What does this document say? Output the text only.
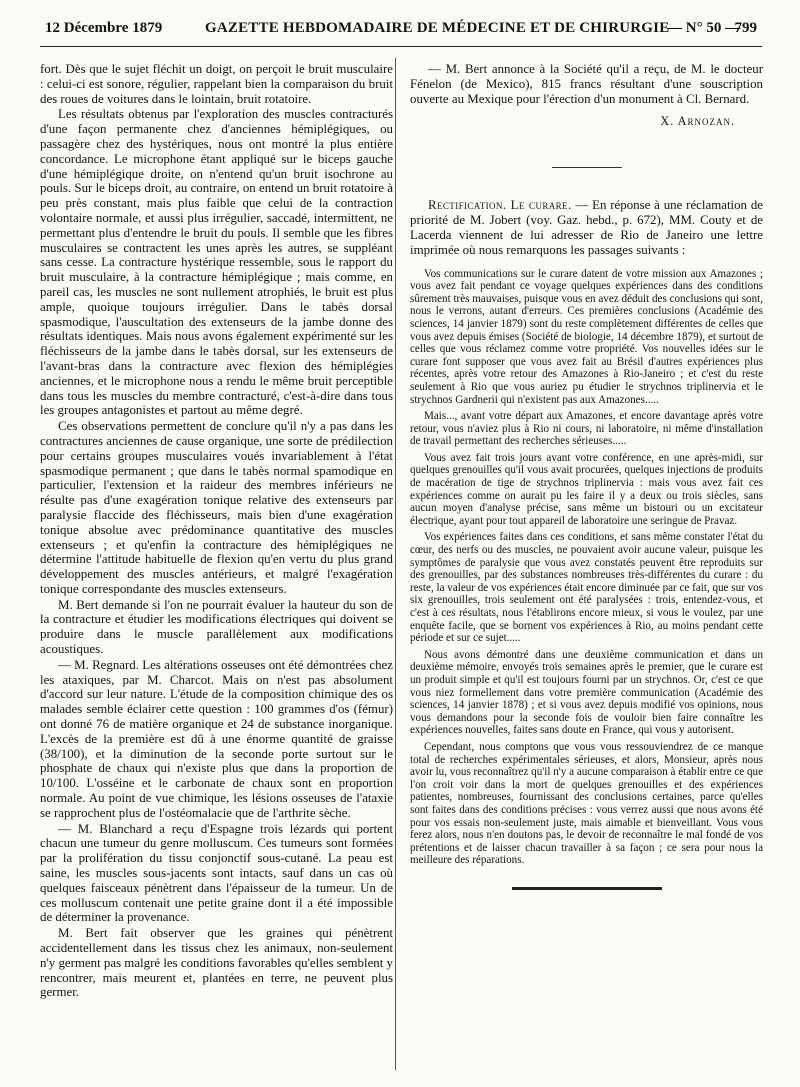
12 Décembre 1879	GAZETTE HEBDOMADAIRE DE MÉDECINE ET DE CHIRURGIE
— N° 50 —
799

fort. Dès que le sujet fléchit un doigt, on perçoit le bruit musculaire : celui-ci est sonore, régulier, rappelant bien la comparaison du bruit des roues de voitures dans le lointain, bruit rotatoire.

Les résultats obtenus par l'exploration des muscles contracturés d'une façon permanente chez d'anciennes hémiplégiques, ou passagère chez des hystériques, nous ont montré la plus entière concordance. Le microphone étant appliqué sur le biceps gauche d'une hémiplégique droite, on n'entend qu'un bruit isochrone au pouls. Sur le biceps droit, au contraire, on entend un bruit rotatoire à peu près constant, mais plus faible que celui de la contraction volontaire normale, et aussi plus irrégulier, saccadé, intermittent, ne permettant plus d'entendre le bruit du pouls. Il semble que les fibres musculaires se contractent les unes après les autres, se suppléant sans cesse. La contracture hystérique ressemble, sous le rapport du bruit musculaire, à la contracture hémiplégique ; mais comme, en pareil cas, les muscles ne sont nullement atrophiés, le bruit est plus ample, quoique toujours irrégulier. Dans le tabès dorsal spasmodique, l'auscultation des extenseurs de la jambe donne des résultats identiques. Mais nous avons également expérimenté sur les fléchisseurs de la jambe dans le tabès dorsal, sur les extenseurs de l'avant-bras dans la contracture avec flexion des hémiplégies anciennes, et le microphone nous a rendu le même bruit perceptible dans tous les muscles du membre contracturé, c'est-à-dire dans tous les groupes antagonistes et partout au même degré.

Ces observations permettent de conclure qu'il n'y a pas dans les contractures anciennes de cause organique, une sorte de prédilection pour certains groupes musculaires voués invariablement à l'état spasmodique permanent ; que dans le tabès normal spamodique en particulier, l'extension et la raideur des membres inférieurs ne résulte pas d'une exagération tonique relative des extenseurs par paralysie flaccide des fléchisseurs, mais bien d'une exagération tonique absolue avec prédominance quantitative des muscles extenseurs ; et qu'enfin la contracture des hémiplégiques ne détermine l'attitude habituelle de flexion qu'en vertu du plus grand développement des muscles antérieurs, et malgré l'exagération tonique correspondante des muscles extenseurs.

M. Bert demande si l'on ne pourrait évaluer la hauteur du son de la contracture et étudier les modifications électriques qui doivent se produire dans le muscle parallèlement aux modifications acoustiques.

— M. Regnard. Les altérations osseuses ont été démontrées chez les ataxiques, par M. Charcot. Mais on n'est pas absolument d'accord sur leur nature. L'étude de la composition chimique des os malades semble éclairer cette question : 100 grammes d'os (fémur) ont donné 76 de matière organique et 24 de substance inorganique. L'excès de la première est dû à une énorme quantité de graisse (38/100), et la diminution de la seconde porte surtout sur le phosphate de chaux qui n'existe plus que dans la proportion de 10/100. L'osséine et le carbonate de chaux sont en proportion normale. Au point de vue chimique, les lésions osseuses de l'ataxie se rapprochent plus de l'ostéomalacie que de l'arthrite sèche.

— M. Blanchard a reçu d'Espagne trois lézards qui portent chacun une tumeur du genre molluscum. Ces tumeurs sont formées par la prolifération du tissu conjonctif sous-cutané. La peau est saine, les muscles sous-jacents sont intacts, sauf dans un cas où quelques faisceaux pénètrent dans l'épaisseur de la tumeur. Un de ces molluscum contenait une petite graine dont il a été impossible de déterminer la provenance.

M. Bert fait observer que les graines qui pénètrent accidentellement dans les tissus chez les animaux, non-seulement n'y germent pas malgré les conditions favorables qu'elles semblent y rencontrer, mais meurent et, plantées en terre, ne peuvent plus germer.

— M. Bert annonce à la Société qu'il a reçu, de M. le docteur Fénelon (de Mexico), 815 francs résultant d'une souscription ouverte au Mexique pour l'érection d'un monument à Cl. Bernard.

X. Arnozan.

Rectification. Le curare. — En réponse à une réclamation de priorité de M. Jobert (voy. Gaz. hebd., p. 672), MM. Couty et de Lacerda viennent de lui adresser de Rio de Janeiro une lettre imprimée où nous remarquons les passages suivants :

Vos communications sur le curare datent de votre mission aux Amazones ; vous avez fait pendant ce voyage quelques expériences dans des conditions sûrement très mauvaises, puisque vous en avez déduit des conclusions qui sont, nous le verrons, autant d'erreurs. Ces premières conclusions (Académie des sciences, 14 janvier 1879) sont du reste complètement différentes de celles que vous avez depuis émises (Société de biologie, 14 décembre 1879), et surtout de celles que vous réclamez comme votre propriété. Vos nouvelles idées sur le curare font supposer que vous avez fait au Brésil d'autres expériences plus récentes, après votre retour des Amazones à Rio-Janeiro ; et c'est du reste seulement à Rio que vous auriez pu étudier le strychnos triplinervia et le strychnos Gardnerii qui n'existent pas aux Amazones.....

Mais..., avant votre départ aux Amazones, et encore davantage après votre retour, vous n'aviez plus à Rio ni cours, ni laboratoire, ni même d'installation de travail permettant des recherches sérieuses.....

Vous avez fait trois jours avant votre conférence, en une après-midi, sur quelques grenouilles qu'il vous avait procurées, quelques injections de produits de macération de tige de strychnos triplinervia : mais vous avez fait ces expériences comme on aurait pu les faire il y a deux ou trois siècles, sans aucun moyen d'analyse précise, sans même un bistouri ou un excitateur électrique, ayant pour tout appareil de laboratoire une seringue de Pravaz.

Vos expériences faites dans ces conditions, et sans même constater l'état du cœur, des nerfs ou des muscles, ne pouvaient avoir aucune valeur, puisque les symptômes de paralysie que vous avez constatés peuvent être reproduits sur des grenouilles, par des substances nombreuses très-différentes du curare : du reste, la valeur de vos expériences était encore diminuée par ce fait, que sur vos six grenouilles, trois seulement ont été paralysées : trois, entendez-vous, et c'est à ces résultats, nous l'établirons encore mieux, si vous le voulez, par une enquête facile, que se bornent vos expériences à Rio, au moins pendant cette période et sur ce sujet.....

Nous avons démontré dans une deuxième communication et dans un deuxième mémoire, envoyés trois semaines après le premier, que le curare est un produit simple et qu'il est toujours fourni par un strychnos. Or, c'est ce que vous niez formellement dans votre première communication (Académie des sciences, 14 janvier 1878) ; et si vous avez depuis modifié vos opinions, nous vous demandons pour la seconde fois de vouloir bien faire connaître les expériences nouvelles, faites sans doute en France, qui vous y autorisent.

Cependant, nous comptons que vous vous ressouviendrez de ce manque total de recherches expérimentales sérieuses, et alors, Monsieur, après nous avoir lu, vous reconnaîtrez qu'il n'y a aucune comparaison à établir entre ce que l'on croit voir dans la mort de quelques grenouilles et des expériences patientes, nombreuses, fournissant des conclusions certaines, parce qu'elles sont faites dans des conditions précises : vous verrez aussi que nous avons été pour vos essais non-seulement juste, mais aimable et bienveillant. Vous vous ferez alors, nous n'en doutons pas, le devoir de reconnaître le mal fondé de vos prétentions et de laisser chacun travailler à sa façon ; ce sera pour nous la meilleure des réparations.
